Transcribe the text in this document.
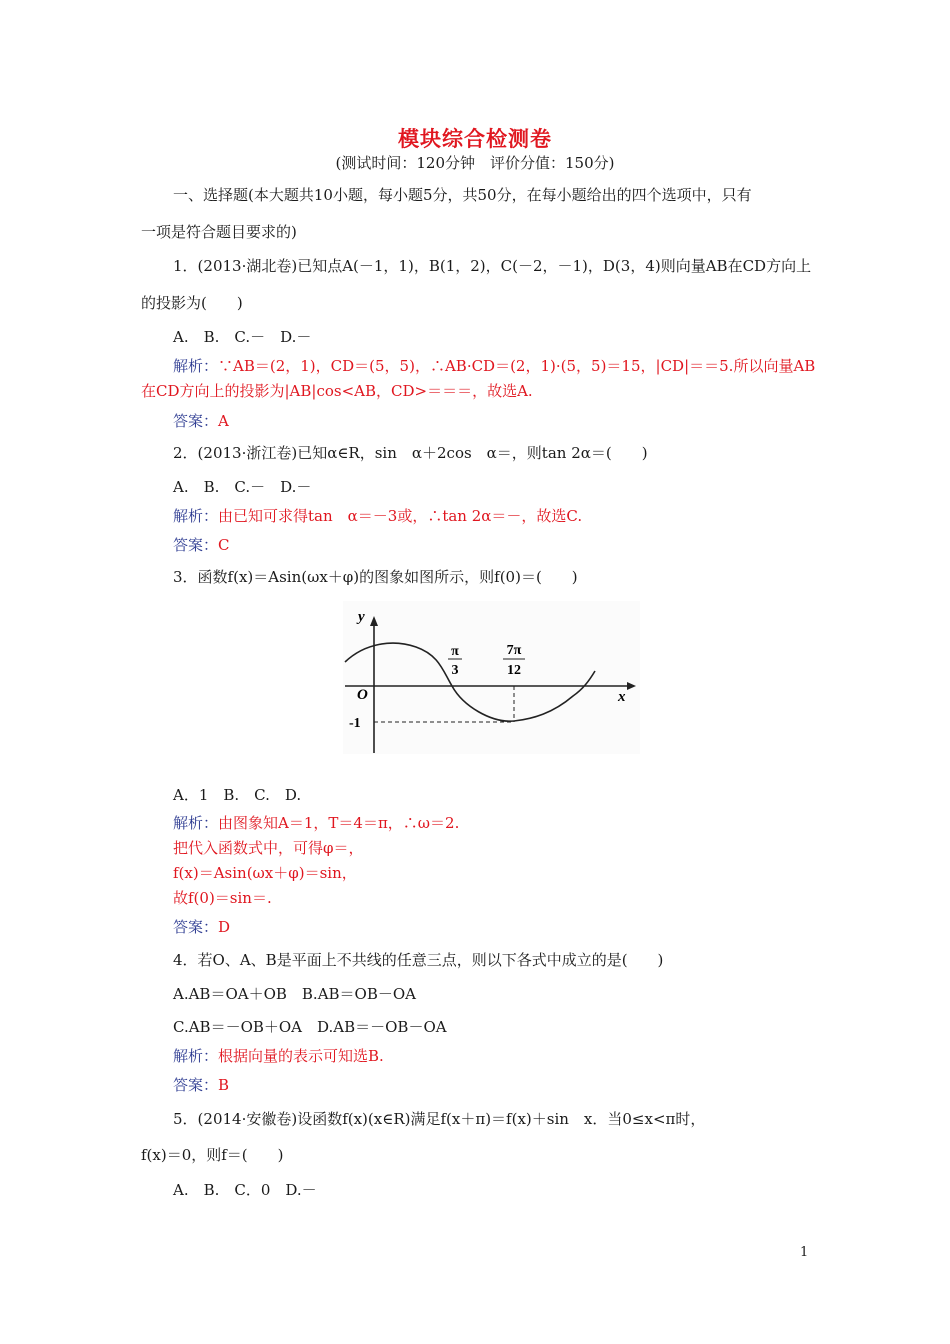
模块综合检测卷
(测试时间：120分钟　评价分值：150分)
一、选择题(本大题共10小题，每小题5分，共50分，在每小题给出的四个选项中，只有
一项是符合题目要求的)
1．(2013·湖北卷)已知点A(－1，1)，B(1，2)，C(－2，－1)，D(3，4)则向量AB在CD方向上
的投影为(　　)
A.　B.　C.－　D.－
解析：∵AB＝(2，1)，CD＝(5，5)，∴AB·CD＝(2，1)·(5，5)＝15，|CD|＝＝5.所以向量AB
在CD方向上的投影为|AB|cos<AB，CD>＝＝＝，故选A.
答案：A
2．(2013·浙江卷)已知α∈R，sin　α＋2cos　α＝，则tan 2α＝(　　)
A.　B.　C.－　D.－
解析：由已知可求得tan　α＝－3或，∴tan 2α＝－，故选C.
答案：C
3．函数f(x)＝Asin(ωx＋φ)的图象如图所示，则f(0)＝(　　)
y
x
O
π
3
7π
12
-1
A．1　B.　C.　D.
解析：由图象知A＝1，T＝4＝π，∴ω＝2.
把代入函数式中，可得φ＝，
f(x)＝Asin(ωx＋φ)＝sin，
故f(0)＝sin＝.
答案：D
4．若O、A、B是平面上不共线的任意三点，则以下各式中成立的是(　　)
A.AB＝OA＋OB　B.AB＝OB－OA
C.AB＝－OB＋OA　D.AB＝－OB－OA
解析：根据向量的表示可知选B.
答案：B
5．(2014·安徽卷)设函数f(x)(x∈R)满足f(x＋π)＝f(x)＋sin　x．当0≤x<π时，
f(x)＝0，则f＝(　　)
A.　B.　C．0　D.－
1
